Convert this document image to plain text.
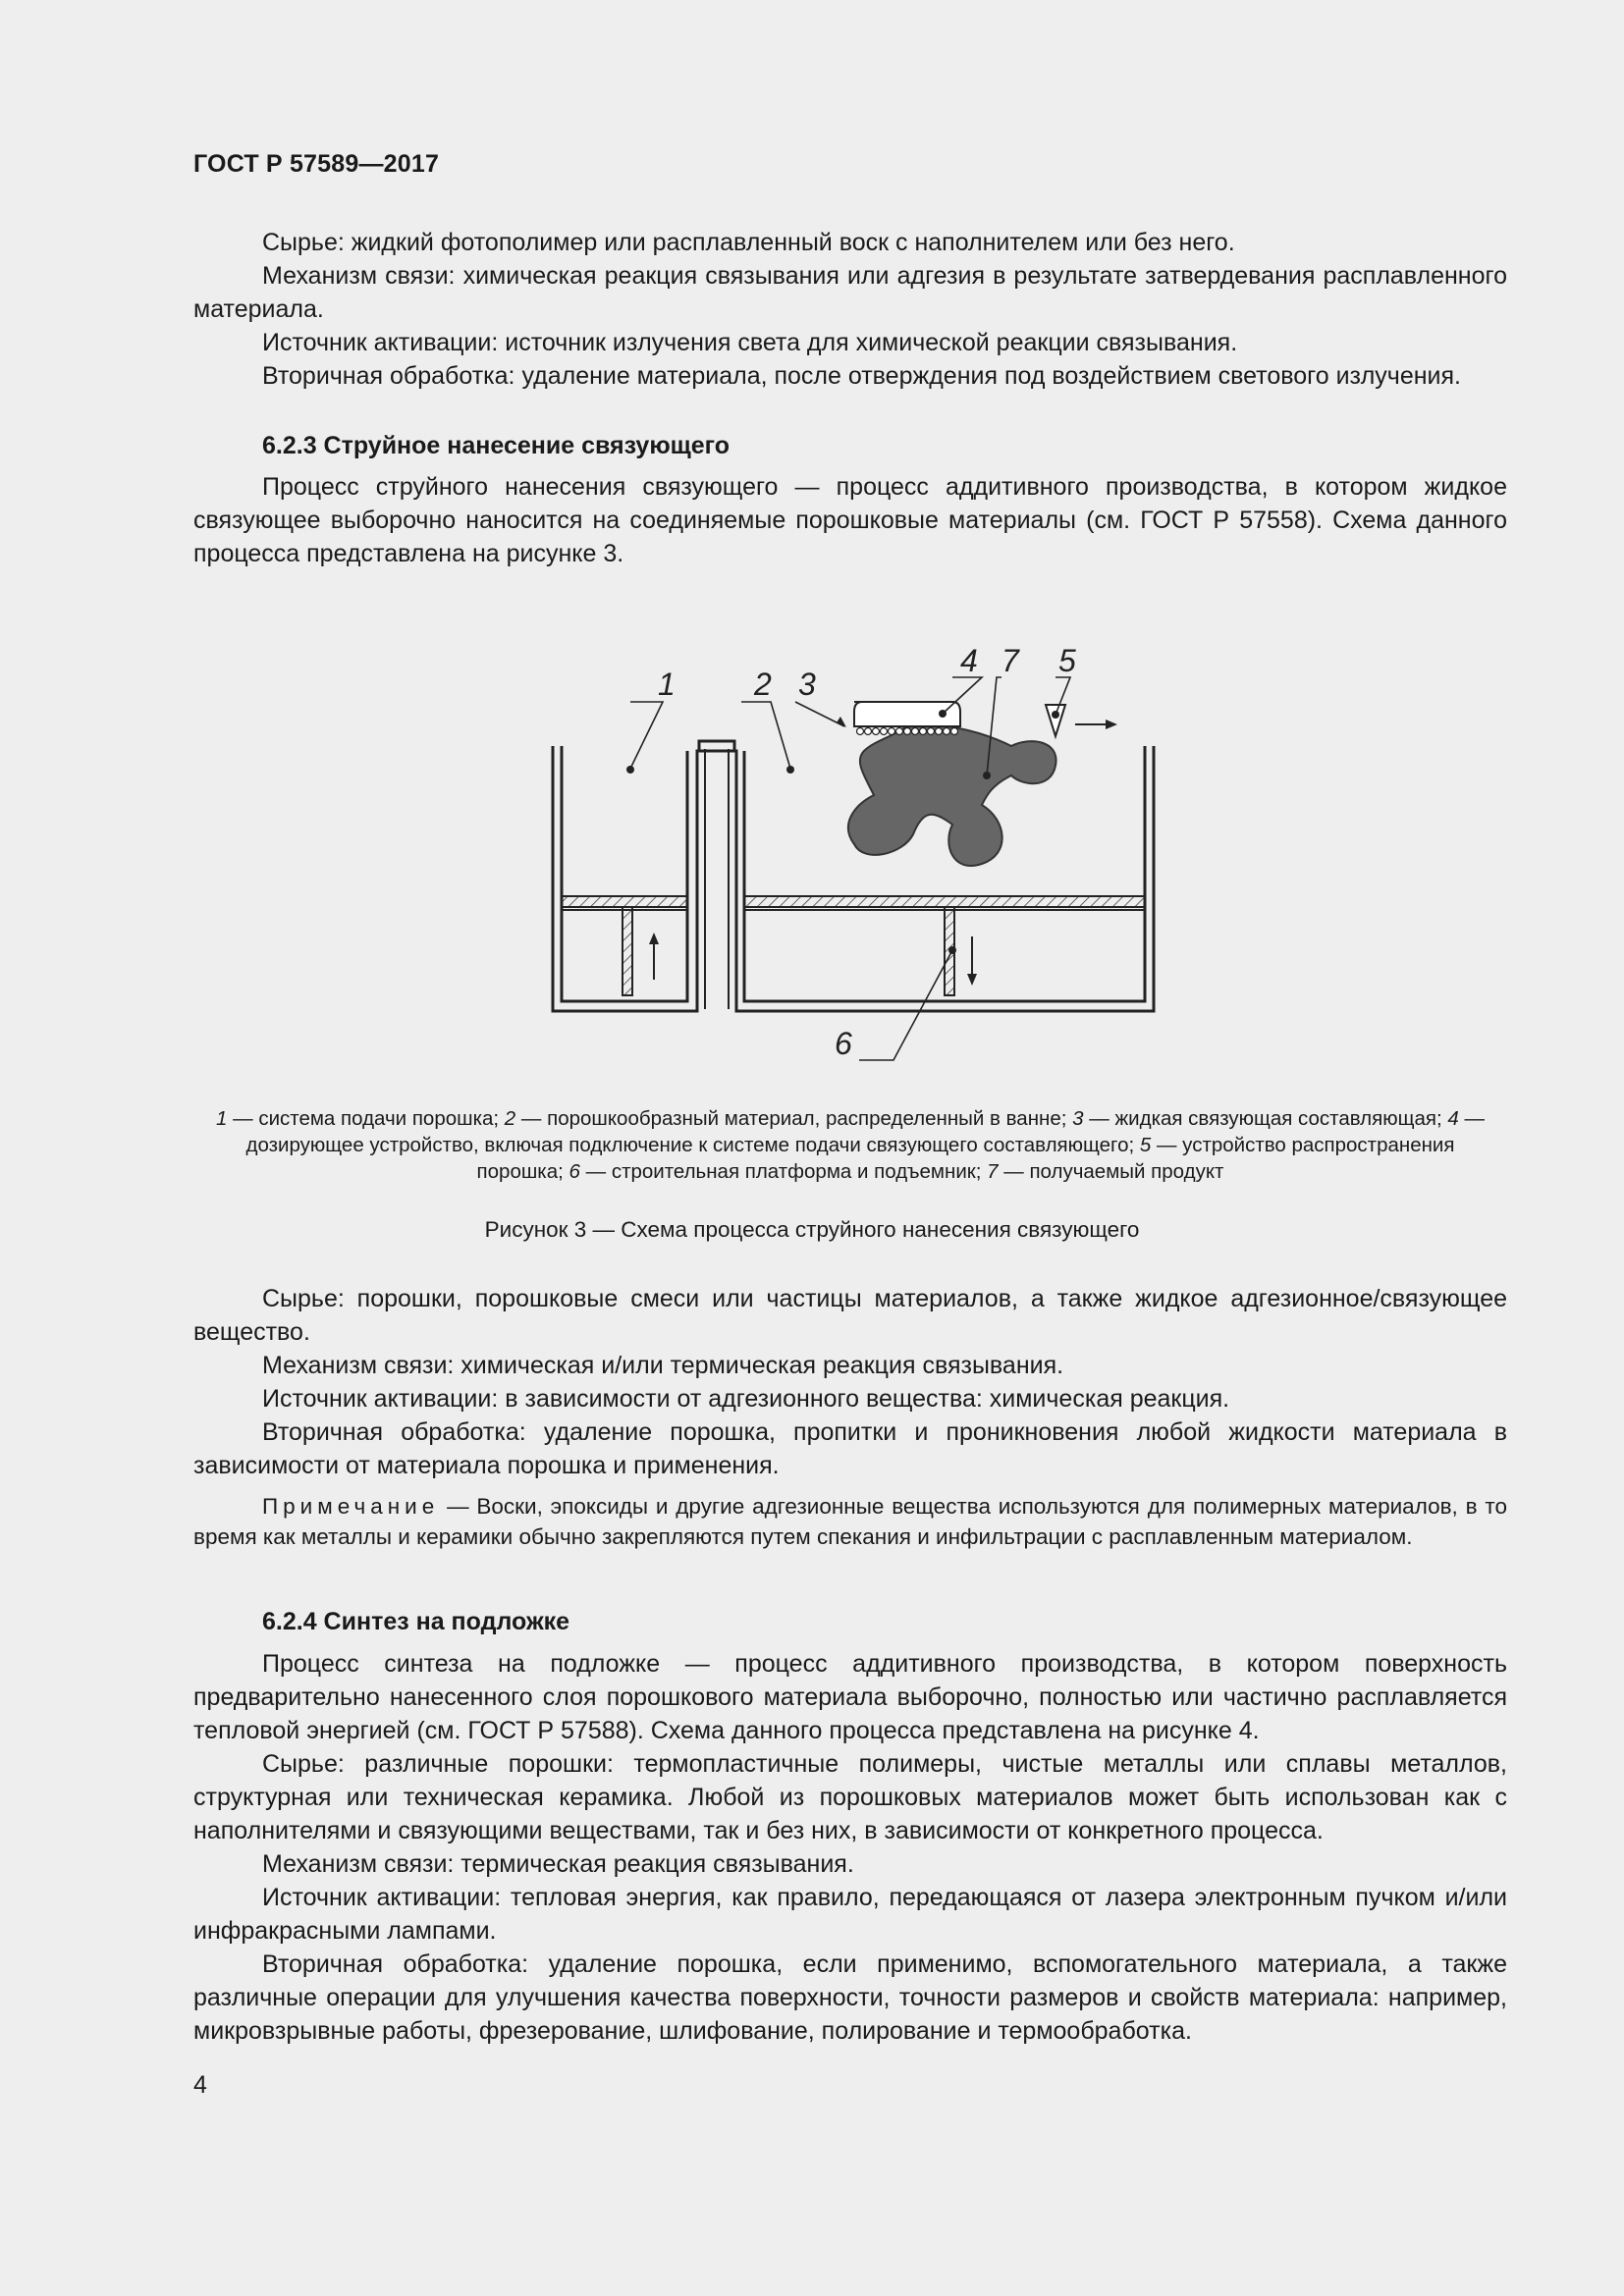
ГОСТ Р 57589—2017

Сырье: жидкий фотополимер или расплавленный воск с наполнителем или без него.

Механизм связи: химическая реакция связывания или адгезия в результате затвердевания расплавленного материала.

Источник активации: источник излучения света для химической реакции связывания.

Вторичная обработка: удаление материала, после отверждения под воздействием светового излучения.

6.2.3 Струйное нанесение связующего

Процесс струйного нанесения связующего — процесс аддитивного производства, в котором жидкое связующее выборочно наносится на соединяемые порошковые материалы (см. ГОСТ Р 57558). Схема данного процесса представлена на рисунке 3.

1	2 3
4 7 5
6
1 — система подачи порошка; 2 — порошкообразный материал, распределенный в ванне; 3 — жидкая связующая составляющая; 4 — дозирующее устройство, включая подключение к системе подачи связующего составляющего; 5 — устройство распространения порошка; 6 — строительная платформа и подъемник; 7 — получаемый продукт
Рисунок 3 — Схема процесса струйного нанесения связующего

Сырье: порошки, порошковые смеси или частицы материалов, а также жидкое адгезионное/связующее вещество.

Механизм связи: химическая и/или термическая реакция связывания.

Источник активации: в зависимости от адгезионного вещества: химическая реакция.

Вторичная обработка: удаление порошка, пропитки и проникновения любой жидкости материала в зависимости от материала порошка и применения.

Примечание — Воски, эпоксиды и другие адгезионные вещества используются для полимерных материалов, в то время как металлы и керамики обычно закрепляются путем спекания и инфильтрации с расплавленным материалом.
6.2.4 Синтез на подложке

Процесс синтеза на подложке — процесс аддитивного производства, в котором поверхность предварительно нанесенного слоя порошкового материала выборочно, полностью или частично расплавляется тепловой энергией (см. ГОСТ Р 57588). Схема данного процесса представлена на рисунке 4.

Сырье: различные порошки: термопластичные полимеры, чистые металлы или сплавы металлов, структурная или техническая керамика. Любой из порошковых материалов может быть использован как с наполнителями и связующими веществами, так и без них, в зависимости от конкретного процесса.

Механизм связи: термическая реакция связывания.

Источник активации: тепловая энергия, как правило, передающаяся от лазера электронным пучком и/или инфракрасными лампами.

Вторичная обработка: удаление порошка, если применимо, вспомогательного материала, а также различные операции для улучшения качества поверхности, точности размеров и свойств материала: например, микровзрывные работы, фрезерование, шлифование, полирование и термообработка.

4
